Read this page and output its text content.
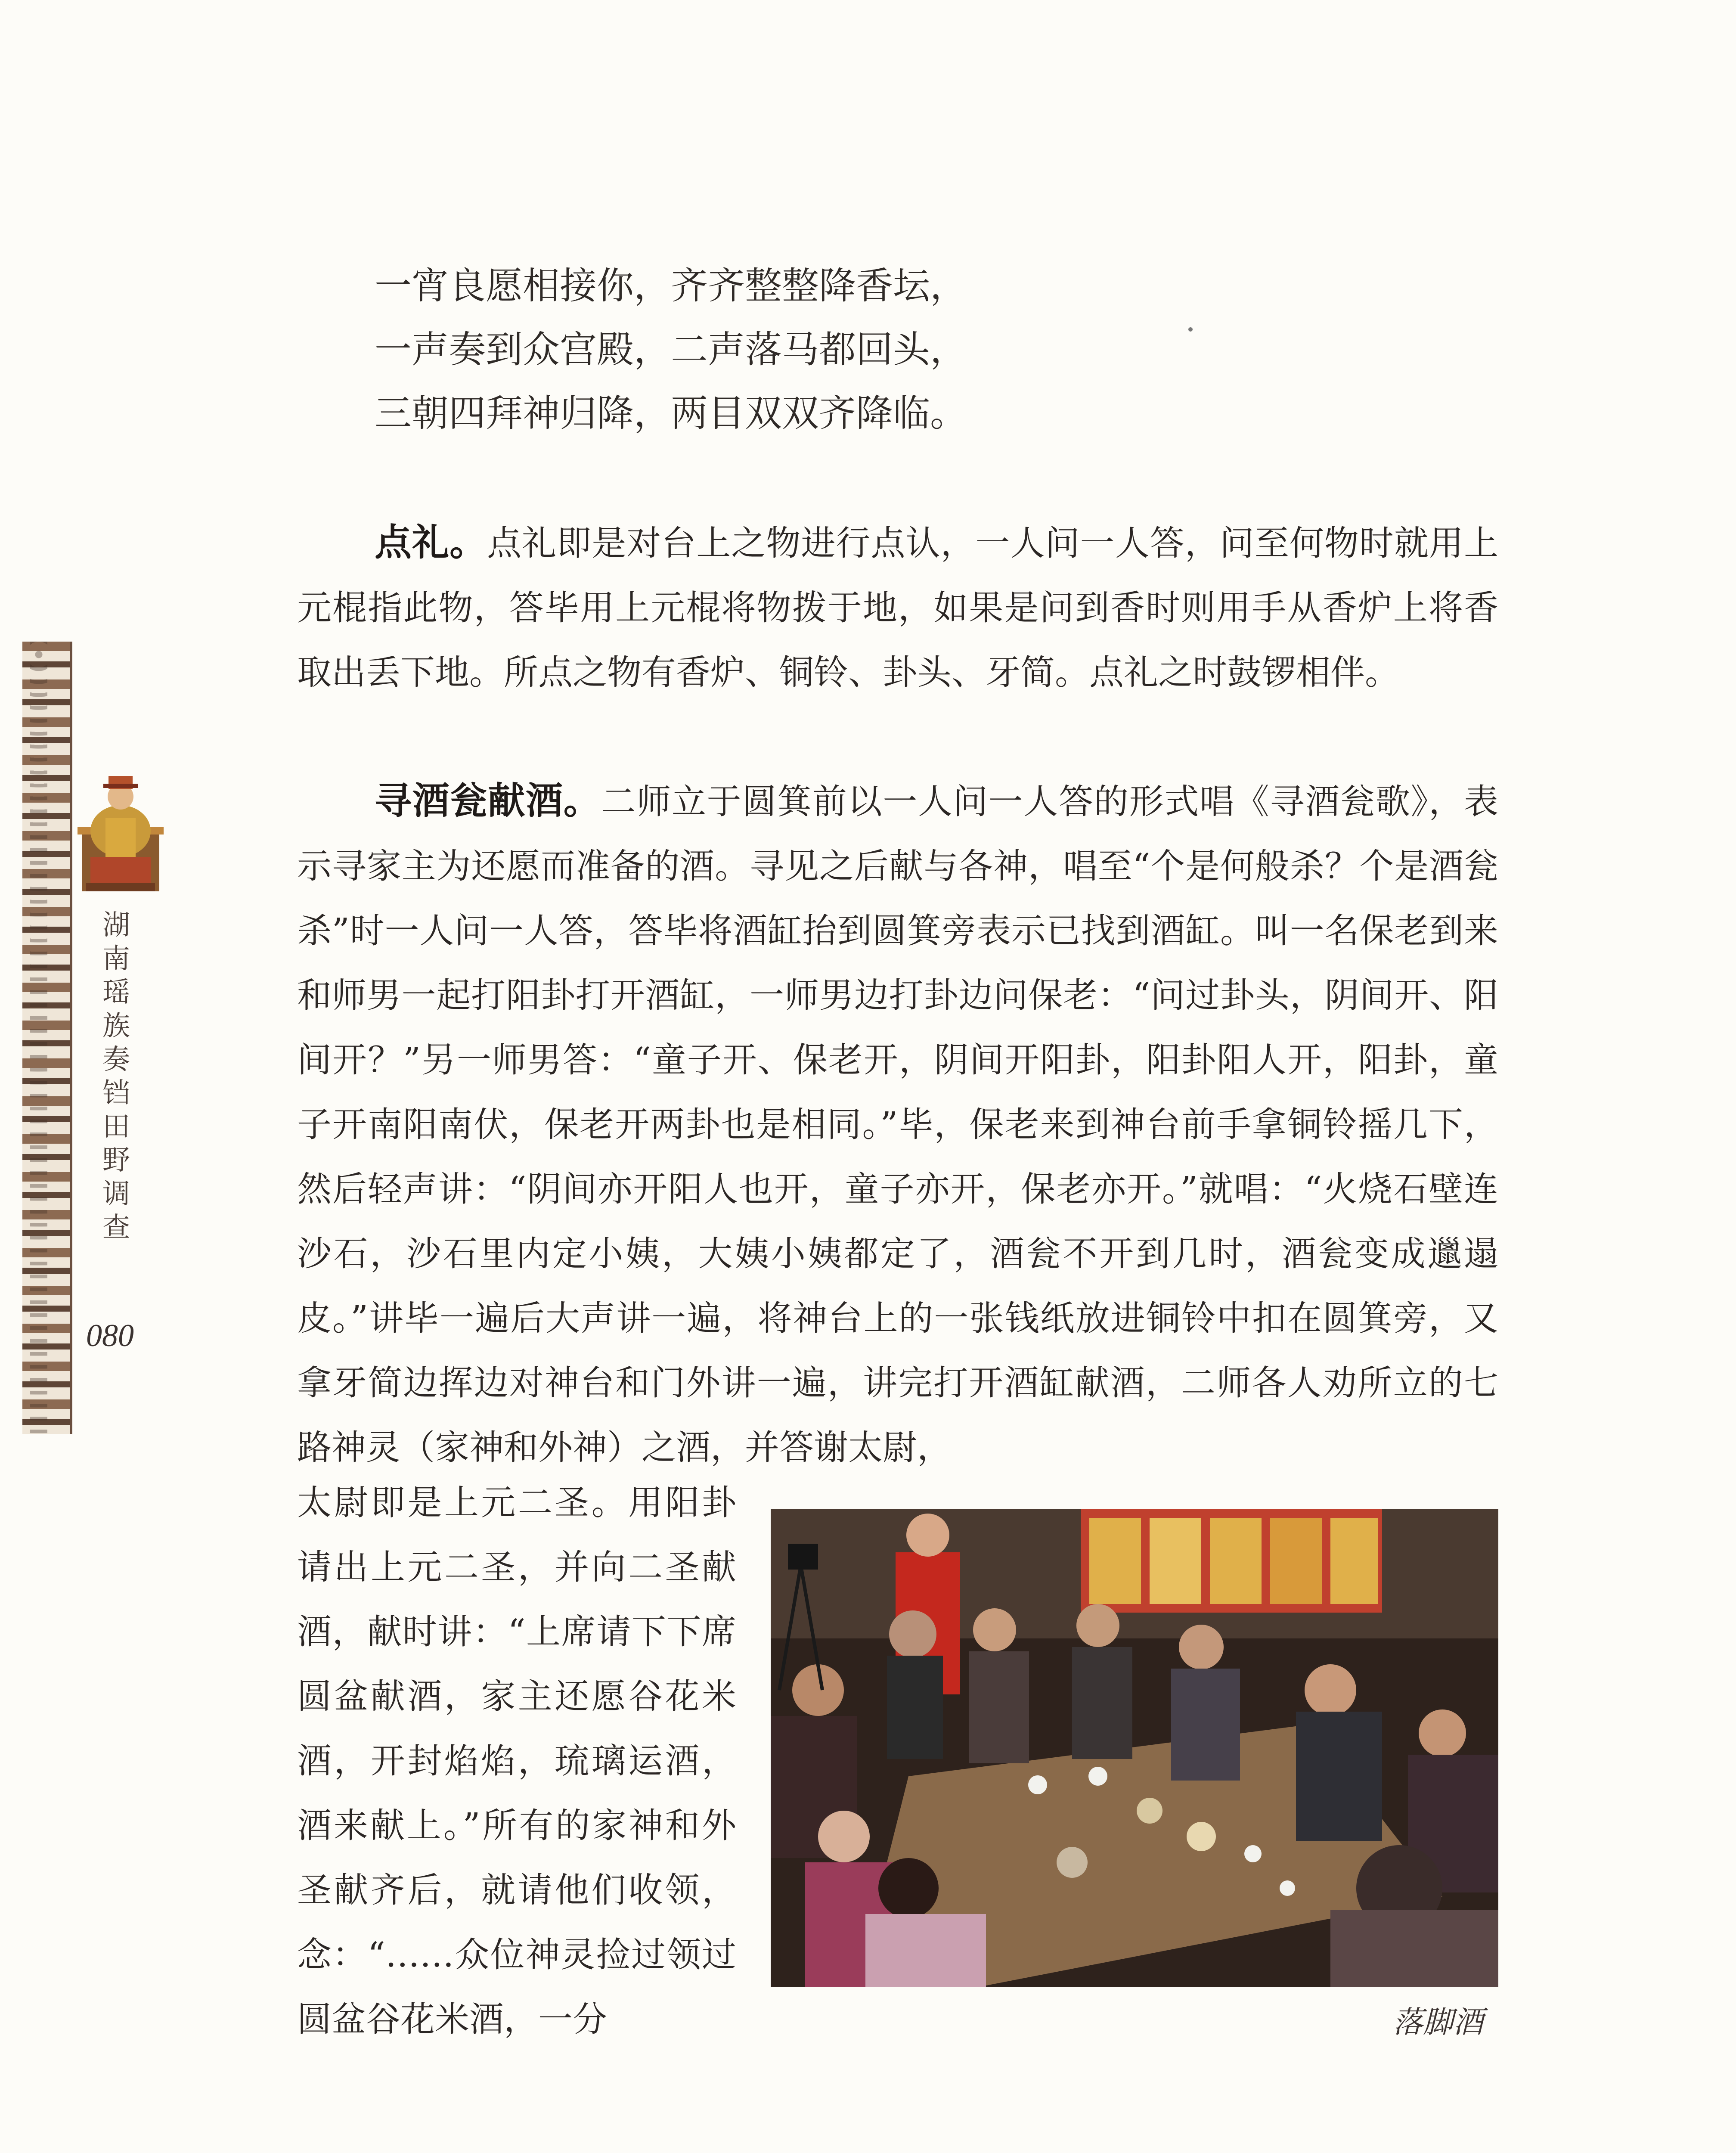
湖
南
瑶
族
奏
铛
田
野
调
查
080
一宵良愿相接你，齐齐整整降香坛，
一声奏到众宫殿，二声落马都回头，
三朝四拜神归降，两目双双齐降临。
点礼。点礼即是对台上之物进行点认，一人问一人答，问至何物时就用上元棍指此物，答毕用上元棍将物拨于地，如果是问到香时则用手从香炉上将香取出丢下地。所点之物有香炉、铜铃、卦头、牙简。点礼之时鼓锣相伴。
寻酒瓮献酒。二师立于圆箕前以一人问一人答的形式唱《寻酒瓮歌》，表示寻家主为还愿而准备的酒。寻见之后献与各神，唱至“个是何般杀？个是酒瓮杀”时一人问一人答，答毕将酒缸抬到圆箕旁表示已找到酒缸。叫一名保老到来和师男一起打阳卦打开酒缸，一师男边打卦边问保老：“问过卦头，阴间开、阳间开？”另一师男答：“童子开、保老开，阴间开阳卦，阳卦阳人开，阳卦，童子开南阳南伏，保老开两卦也是相同。”毕，保老来到神台前手拿铜铃摇几下，然后轻声讲：“阴间亦开阳人也开，童子亦开，保老亦开。”就唱：“火烧石壁连沙石，沙石里内定小姨，大姨小姨都定了，酒瓮不开到几时，酒瓮变成邋遢皮。”讲毕一遍后大声讲一遍，将神台上的一张钱纸放进铜铃中扣在圆箕旁，又拿牙简边挥边对神台和门外讲一遍，讲完打开酒缸献酒，二师各人劝所立的七路神灵（家神和外神）之酒，并答谢太尉，
太尉即是上元二圣。用阳卦请出上元二圣，并向二圣献酒，献时讲：“上席请下下席圆盆献酒，家主还愿谷花米酒，开封焰焰，琉璃运酒，酒来献上。”所有的家神和外圣献齐后，就请他们收领，念：“……众位神灵捡过领过圆盆谷花米酒，一分	落脚酒
